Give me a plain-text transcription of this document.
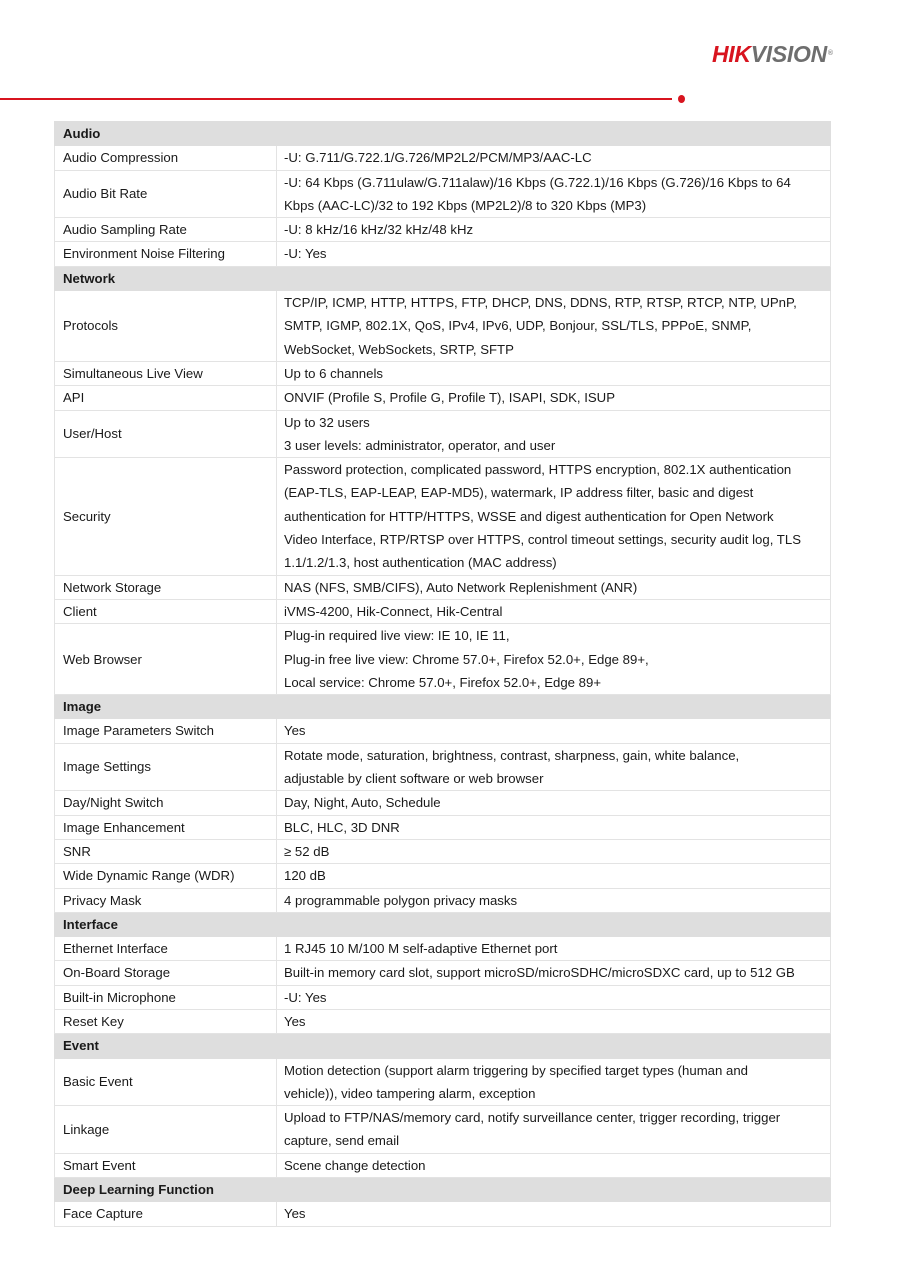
HIKVISION®
Audio	
Audio Compression	-U: G.711/G.722.1/G.726/MP2L2/PCM/MP3/AAC-LC

Audio Bit Rate	-U: 64 Kbps (G.711ulaw/G.711alaw)/16 Kbps (G.722.1)/16 Kbps (G.726)/16 Kbps to 64
Kbps (AAC-LC)/32 to 192 Kbps (MP2L2)/8 to 320 Kbps (MP3)

Audio Sampling Rate	-U: 8 kHz/16 kHz/32 kHz/48 kHz

Environment Noise Filtering	-U: Yes

Network	
Protocols	TCP/IP, ICMP, HTTP, HTTPS, FTP, DHCP, DNS, DDNS, RTP, RTSP, RTCP, NTP, UPnP,
SMTP, IGMP, 802.1X, QoS, IPv4, IPv6, UDP, Bonjour, SSL/TLS, PPPoE, SNMP,
WebSocket, WebSockets, SRTP, SFTP

Simultaneous Live View	Up to 6 channels

API	ONVIF (Profile S, Profile G, Profile T), ISAPI, SDK, ISUP

User/Host	Up to 32 users
3 user levels: administrator, operator, and user

Security	Password protection, complicated password, HTTPS encryption, 802.1X authentication
(EAP-TLS, EAP-LEAP, EAP-MD5), watermark, IP address filter, basic and digest
authentication for HTTP/HTTPS, WSSE and digest authentication for Open Network
Video Interface, RTP/RTSP over HTTPS, control timeout settings, security audit log, TLS
1.1/1.2/1.3, host authentication (MAC address)

Network Storage	NAS (NFS, SMB/CIFS), Auto Network Replenishment (ANR)

Client	iVMS-4200, Hik-Connect, Hik-Central

Web Browser	Plug-in required live view: IE 10, IE 11,
Plug-in free live view: Chrome 57.0+, Firefox 52.0+, Edge 89+,
Local service: Chrome 57.0+, Firefox 52.0+, Edge 89+

Image	
Image Parameters Switch	Yes

Image Settings	Rotate mode, saturation, brightness, contrast, sharpness, gain, white balance,
adjustable by client software or web browser

Day/Night Switch	Day, Night, Auto, Schedule

Image Enhancement	BLC, HLC, 3D DNR

SNR	≥ 52 dB

Wide Dynamic Range (WDR)	120 dB

Privacy Mask	4 programmable polygon privacy masks

Interface	
Ethernet Interface	1 RJ45 10 M/100 M self-adaptive Ethernet port

On-Board Storage	Built-in memory card slot, support microSD/microSDHC/microSDXC card, up to 512 GB

Built-in Microphone	-U: Yes

Reset Key	Yes

Event	
Basic Event	Motion detection (support alarm triggering by specified target types (human and
vehicle)), video tampering alarm, exception

Linkage	Upload to FTP/NAS/memory card, notify surveillance center, trigger recording, trigger
capture, send email

Smart Event	Scene change detection

Deep Learning Function	
Face Capture	Yes
